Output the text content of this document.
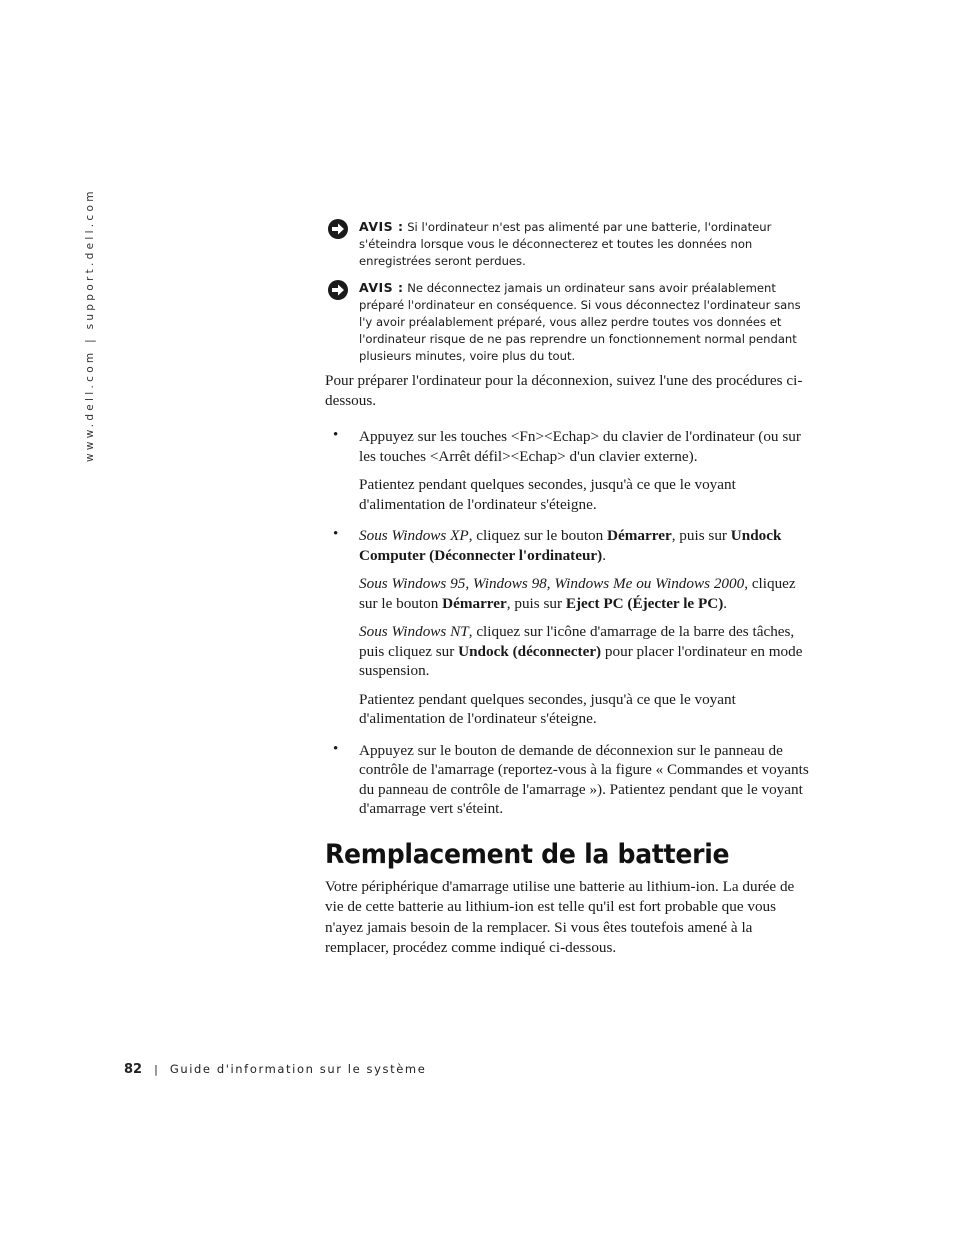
www.dell.com | support.dell.com	AVIS : Si l'ordinateur n'est pas alimenté par une batterie, l'ordinateur s'éteindra lorsque vous le déconnecterez et toutes les données non enregistrées seront perdues.
AVIS : Ne déconnectez jamais un ordinateur sans avoir préalablement préparé l'ordinateur en conséquence. Si vous déconnectez l'ordinateur sans l'y avoir préalablement préparé, vous allez perdre toutes vos données et l'ordinateur risque de ne pas reprendre un fonctionnement normal pendant plusieurs minutes, voire plus du tout.

Pour préparer l'ordinateur pour la déconnexion, suivez l'une des procédures ci-dessous.

• Appuyez sur les touches <Fn><Echap> du clavier de l'ordinateur (ou sur les touches <Arrêt défil><Echap> d'un clavier externe).

Patientez pendant quelques secondes, jusqu'à ce que le voyant d'alimentation de l'ordinateur s'éteigne.

• Sous Windows XP, cliquez sur le bouton Démarrer, puis sur Undock Computer (Déconnecter l'ordinateur).

Sous Windows 95, Windows 98, Windows Me ou Windows 2000, cliquez sur le bouton Démarrer, puis sur Eject PC (Éjecter le PC).

Sous Windows NT, cliquez sur l'icône d'amarrage de la barre des tâches, puis cliquez sur Undock (déconnecter) pour placer l'ordinateur en mode suspension.

Patientez pendant quelques secondes, jusqu'à ce que le voyant d'alimentation de l'ordinateur s'éteigne.

• Appuyez sur le bouton de demande de déconnexion sur le panneau de contrôle de l'amarrage (reportez-vous à la figure « Commandes et voyants du panneau de contrôle de l'amarrage »). Patientez pendant que le voyant d'amarrage vert s'éteint.

Remplacement de la batterie

Votre périphérique d'amarrage utilise une batterie au lithium-ion. La durée de vie de cette batterie au lithium-ion est telle qu'il est fort probable que vous n'ayez jamais besoin de la remplacer. Si vous êtes toutefois amené à la remplacer, procédez comme indiqué ci-dessous.

82 | Guide d'information sur le système
